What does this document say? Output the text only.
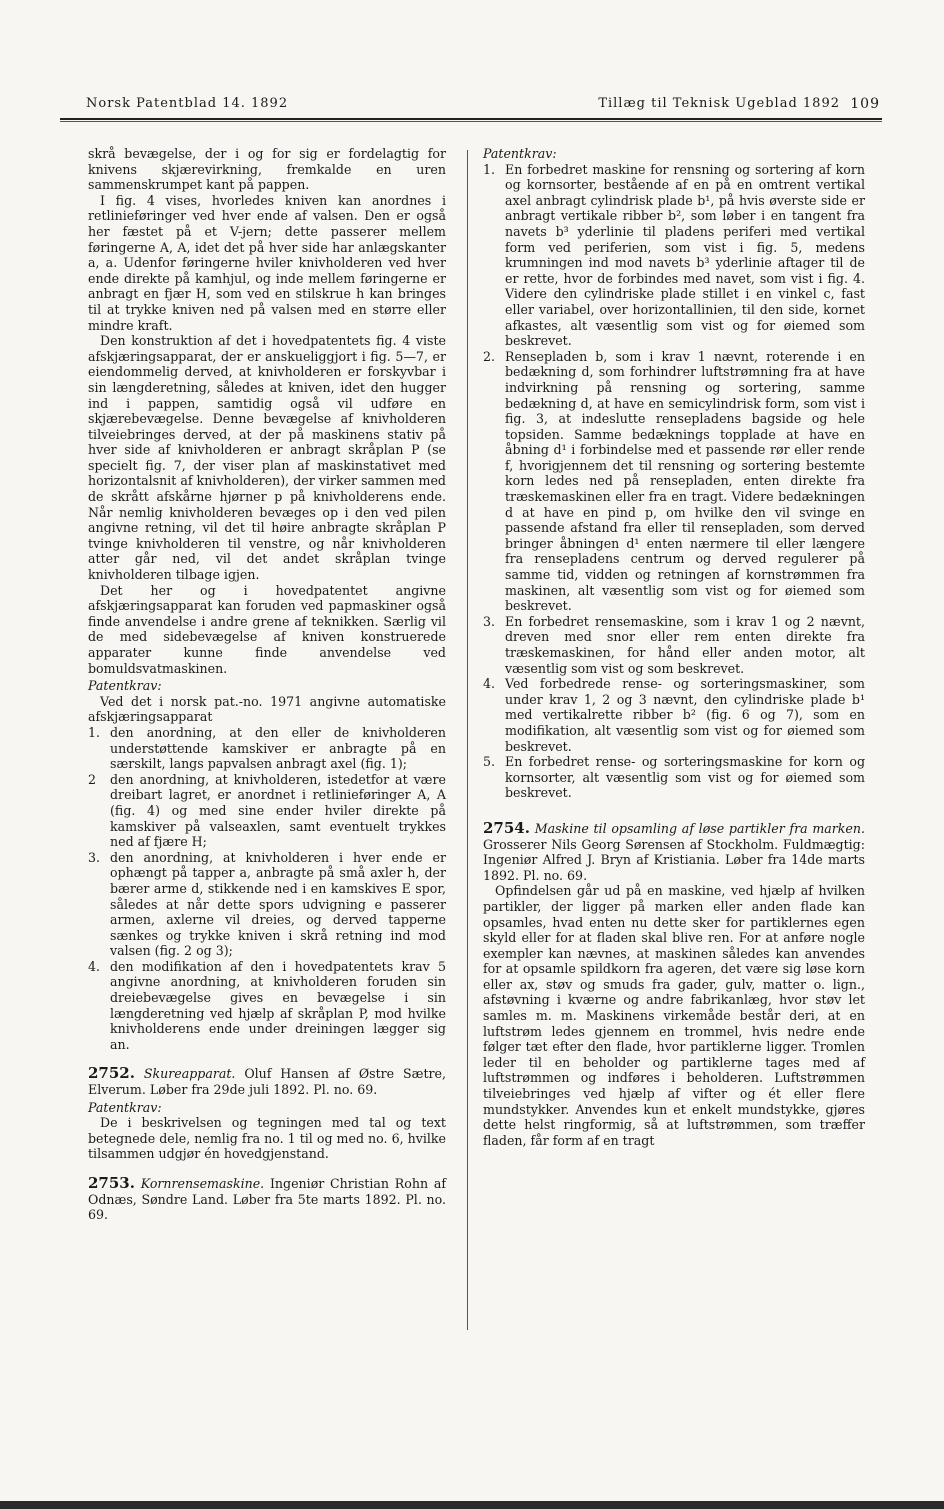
Norsk Patentblad 14. 1892	Tillæg til Teknisk Ugeblad 1892 109

skrå bevægelse, der i og for sig er fordelagtig for knivens skjærevirkning, fremkalde en uren sammenskrumpet kant på pappen.

I fig. 4 vises, hvorledes kniven kan anordnes i retlinieføringer ved hver ende af valsen. Den er også her fæstet på et V-jern; dette passerer mellem føringerne A, A, idet det på hver side har anlægskanter a, a. Udenfor føringerne hviler knivholderen ved hver ende direkte på kamhjul, og inde mellem føringerne er anbragt en fjær H, som ved en stilskrue h kan bringes til at trykke kniven ned på valsen med en større eller mindre kraft.

Den konstruktion af det i hovedpatentets fig. 4 viste afskjæringsapparat, der er anskueliggjort i fig. 5—7, er eiendommelig derved, at knivholderen er forskyvbar i sin længderetning, således at kniven, idet den hugger ind i pappen, samtidig også vil udføre en skjærebevægelse. Denne bevægelse af knivholderen tilveiebringes derved, at der på maskinens stativ på hver side af knivholderen er anbragt skråplan P (se specielt fig. 7, der viser plan af maskinstativet med horizontalsnit af knivholderen), der virker sammen med de skrått afskårne hjørner p på knivholderens ende. Når nemlig knivholderen bevæges op i den ved pilen angivne retning, vil det til høire anbragte skråplan P tvinge knivholderen til venstre, og når knivholderen atter går ned, vil det andet skråplan tvinge knivholderen tilbage igjen.

Det her og i hovedpatentet angivne afskjæringsapparat kan foruden ved papmaskiner også finde anvendelse i andre grene af teknikken. Særlig vil de med sidebevægelse af kniven konstruerede apparater kunne finde anvendelse ved bomuldsvatmaskinen.

Patentkrav:

Ved det i norsk pat.-no. 1971 angivne automatiske afskjæringsapparat

1. den anordning, at den eller de knivholderen understøttende kamskiver er anbragte på en særskilt, langs papvalsen anbragt axel (fig. 1);
2 den anordning, at knivholderen, istedetfor at være dreibart lagret, er anordnet i retlinieføringer A, A (fig. 4) og med sine ender hviler direkte på kamskiver på valseaxlen, samt eventuelt trykkes ned af fjære H;
3. den anordning, at knivholderen i hver ende er ophængt på tapper a, anbragte på små axler h, der bærer arme d, stikkende ned i en kamskives E spor, således at når dette spors udvigning e passerer armen, axlerne vil dreies, og derved tapperne sænkes og trykke kniven i skrå retning ind mod valsen (fig. 2 og 3);
4. den modifikation af den i hovedpatentets krav 5 angivne anordning, at knivholderen foruden sin dreiebevægelse gives en bevægelse i sin længderetning ved hjælp af skråplan P, mod hvilke knivholderens ende under dreiningen lægger sig an.

2752. Skureapparat. Oluf Hansen af Østre Sætre, Elverum. Løber fra 29de juli 1892. Pl. no. 69.

Patentkrav:

De i beskrivelsen og tegningen med tal og text betegnede dele, nemlig fra no. 1 til og med no. 6, hvilke tilsammen udgjør én hovedgjenstand.

2753. Kornrensemaskine. Ingeniør Christian Rohn af Odnæs, Søndre Land. Løber fra 5te marts 1892. Pl. no. 69.

Patentkrav:

1. En forbedret maskine for rensning og sortering af korn og kornsorter, bestående af en på en omtrent vertikal axel anbragt cylindrisk plade b¹, på hvis øverste side er anbragt vertikale ribber b², som løber i en tangent fra navets b³ yderlinie til pladens periferi med vertikal form ved periferien, som vist i fig. 5, medens krumningen ind mod navets b³ yderlinie aftager til de er rette, hvor de forbindes med navet, som vist i fig. 4. Videre den cylindriske plade stillet i en vinkel c, fast eller variabel, over horizontallinien, til den side, kornet afkastes, alt væsentlig som vist og for øiemed som beskrevet.
2. Rensepladen b, som i krav 1 nævnt, roterende i en bedækning d, som forhindrer luftstrømning fra at have indvirkning på rensning og sortering, samme bedækning d, at have en semicylindrisk form, som vist i fig. 3, at indeslutte rensepladens bagside og hele topsiden. Samme bedæknings topplade at have en åbning d¹ i forbindelse med et passende rør eller rende f, hvorigjennem det til rensning og sortering bestemte korn ledes ned på rensepladen, enten direkte fra træskemaskinen eller fra en tragt. Videre bedækningen d at have en pind p, om hvilke den vil svinge en passende afstand fra eller til rensepladen, som derved bringer åbningen d¹ enten nærmere til eller længere fra rensepladens centrum og derved regulerer på samme tid, vidden og retningen af kornstrømmen fra maskinen, alt væsentlig som vist og for øiemed som beskrevet.
3. En forbedret rensemaskine, som i krav 1 og 2 nævnt, dreven med snor eller rem enten direkte fra træskemaskinen, for hånd eller anden motor, alt væsentlig som vist og som beskrevet.
4. Ved forbedrede rense- og sorteringsmaskiner, som under krav 1, 2 og 3 nævnt, den cylindriske plade b¹ med vertikalrette ribber b² (fig. 6 og 7), som en modifikation, alt væsentlig som vist og for øiemed som beskrevet.
5. En forbedret rense- og sorteringsmaskine for korn og kornsorter, alt væsentlig som vist og for øiemed som beskrevet.

2754. Maskine til opsamling af løse partikler fra marken. Grosserer Nils Georg Sørensen af Stockholm. Fuldmægtig: Ingeniør Alfred J. Bryn af Kristiania. Løber fra 14de marts 1892. Pl. no. 69.

Opfindelsen går ud på en maskine, ved hjælp af hvilken partikler, der ligger på marken eller anden flade kan opsamles, hvad enten nu dette sker for partiklernes egen skyld eller for at fladen skal blive ren. For at anføre nogle exempler kan nævnes, at maskinen således kan anvendes for at opsamle spildkorn fra ageren, det være sig løse korn eller ax, støv og smuds fra gader, gulv, matter o. lign., afstøvning i kværne og andre fabrikanlæg, hvor støv let samles m. m. Maskinens virkemåde består deri, at en luftstrøm ledes gjennem en trommel, hvis nedre ende følger tæt efter den flade, hvor partiklerne ligger. Tromlen leder til en beholder og partiklerne tages med af luftstrømmen og indføres i beholderen. Luftstrømmen tilveiebringes ved hjælp af vifter og ét eller flere mundstykker. Anvendes kun et enkelt mundstykke, gjøres dette helst ringformig, så at luftstrømmen, som træffer fladen, får form af en tragt
